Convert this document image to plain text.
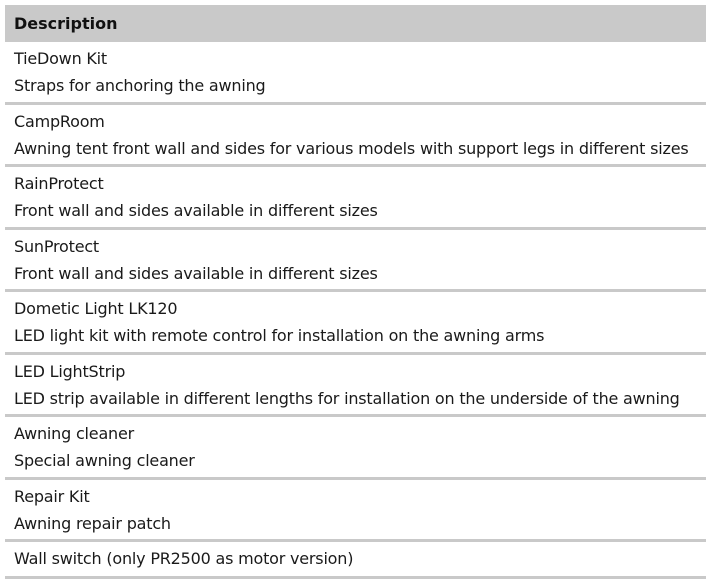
Description
TieDown Kit
Straps for anchoring the awning
CampRoom
Awning tent front wall and sides for various models with support legs in different sizes
RainProtect
Front wall and sides available in different sizes
SunProtect
Front wall and sides available in different sizes
Dometic Light LK120
LED light kit with remote control for installation on the awning arms
LED LightStrip
LED strip available in different lengths for installation on the underside of the awning
Awning cleaner
Special awning cleaner
Repair Kit
Awning repair patch
Wall switch (only PR2500 as motor version)
